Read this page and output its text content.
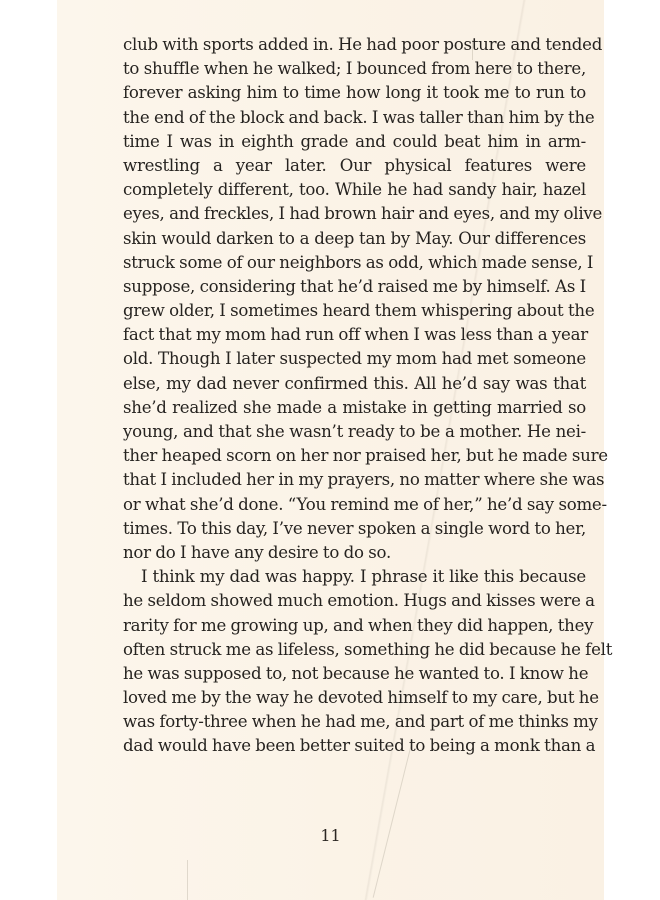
club with sports added in. He had poor posture and tended
to shuffle when he walked; I bounced from here to there,
forever asking him to time how long it took me to run to
the end of the block and back. I was taller than him by the
time I was in eighth grade and could beat him in arm-
wrestling a year later. Our physical features were
completely different, too. While he had sandy hair, hazel
eyes, and freckles, I had brown hair and eyes, and my olive
skin would darken to a deep tan by May. Our differences
struck some of our neighbors as odd, which made sense, I
suppose, considering that he’d raised me by himself. As I
grew older, I sometimes heard them whispering about the
fact that my mom had run off when I was less than a year
old. Though I later suspected my mom had met someone
else, my dad never confirmed this. All he’d say was that
she’d realized she made a mistake in getting married so
young, and that she wasn’t ready to be a mother. He nei-
ther heaped scorn on her nor praised her, but he made sure
that I included her in my prayers, no matter where she was
or what she’d done. “You remind me of her,” he’d say some-
times. To this day, I’ve never spoken a single word to her,
nor do I have any desire to do so.
I think my dad was happy. I phrase it like this because
he seldom showed much emotion. Hugs and kisses were a
rarity for me growing up, and when they did happen, they
often struck me as lifeless, something he did because he felt
he was supposed to, not because he wanted to. I know he
loved me by the way he devoted himself to my care, but he
was forty-three when he had me, and part of me thinks my
dad would have been better suited to being a monk than a
11
